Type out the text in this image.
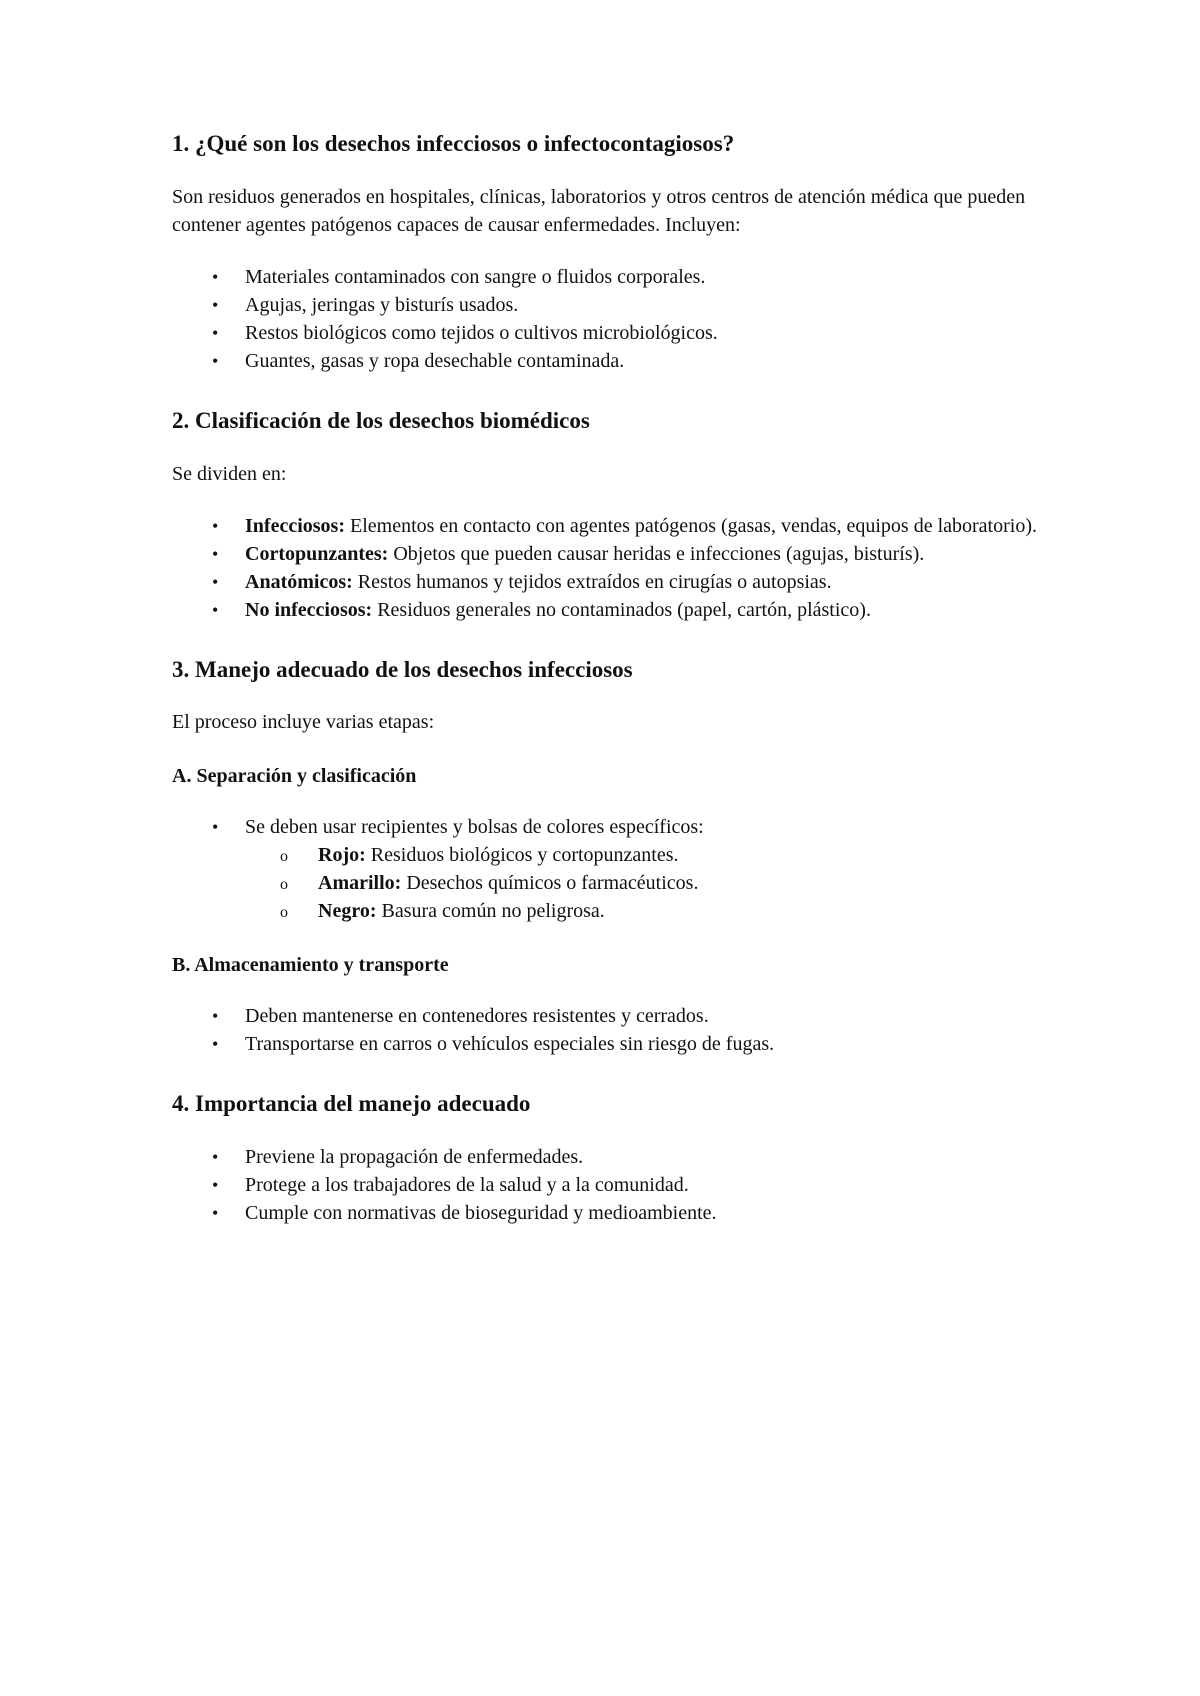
1. ¿Qué son los desechos infecciosos o infectocontagiosos?

Son residuos generados en hospitales, clínicas, laboratorios y otros centros de atención médica que pueden contener agentes patógenos capaces de causar enfermedades. Incluyen:

• Materiales contaminados con sangre o fluidos corporales.
• Agujas, jeringas y bisturís usados.
• Restos biológicos como tejidos o cultivos microbiológicos.
• Guantes, gasas y ropa desechable contaminada.
2. Clasificación de los desechos biomédicos

Se dividen en:

• Infecciosos: Elementos en contacto con agentes patógenos (gasas, vendas, equipos de laboratorio).
• Cortopunzantes: Objetos que pueden causar heridas e infecciones (agujas, bisturís).
• Anatómicos: Restos humanos y tejidos extraídos en cirugías o autopsias.
• No infecciosos: Residuos generales no contaminados (papel, cartón, plástico).
3. Manejo adecuado de los desechos infecciosos

El proceso incluye varias etapas:

A. Separación y clasificación
• Se deben usar recipientes y bolsas de colores específicos:
o Rojo: Residuos biológicos y cortopunzantes.
o Amarillo: Desechos químicos o farmacéuticos.
o Negro: Basura común no peligrosa.
B. Almacenamiento y transporte
• Deben mantenerse en contenedores resistentes y cerrados.
• Transportarse en carros o vehículos especiales sin riesgo de fugas.
4. Importancia del manejo adecuado
• Previene la propagación de enfermedades.
• Protege a los trabajadores de la salud y a la comunidad.
• Cumple con normativas de bioseguridad y medioambiente.
